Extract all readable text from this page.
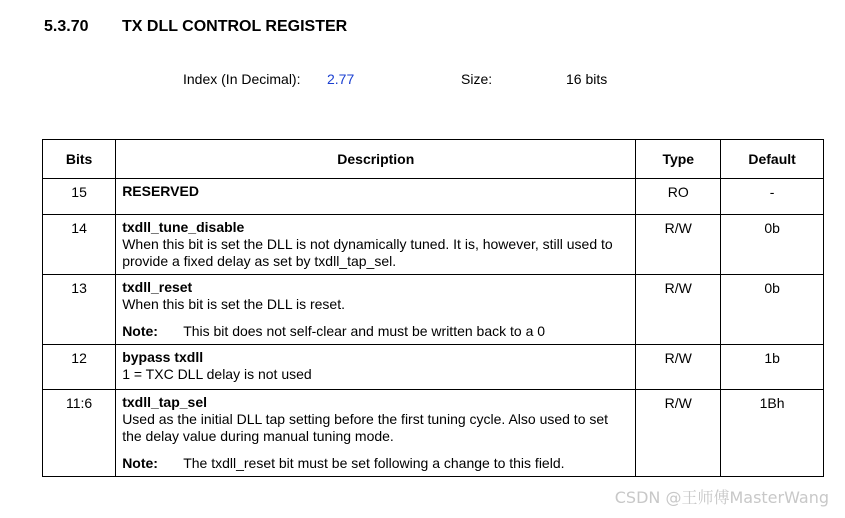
5.3.70 TX DLL CONTROL REGISTER
Index (In Decimal): 2.77	Size:	16 bits
Bits	Description	Type	Default
15	RESERVED	RO	-
14	txdll_tune_disable
When this bit is set the DLL is not dynamically tuned. It is, however, still used to provide a fixed delay as set by txdll_tap_sel.	R/W	0b
13	txdll_reset
When this bit is set the DLL is reset.
Note: This bit does not self-clear and must be written back to a 0	R/W	0b
12	bypass txdll
1 = TXC DLL delay is not used	R/W	1b
11:6	txdll_tap_sel
Used as the initial DLL tap setting before the first tuning cycle. Also used to set the delay value during manual tuning mode.
Note: The txdll_reset bit must be set following a change to this field.	R/W	1Bh
CSDN @王师傅MasterWang
